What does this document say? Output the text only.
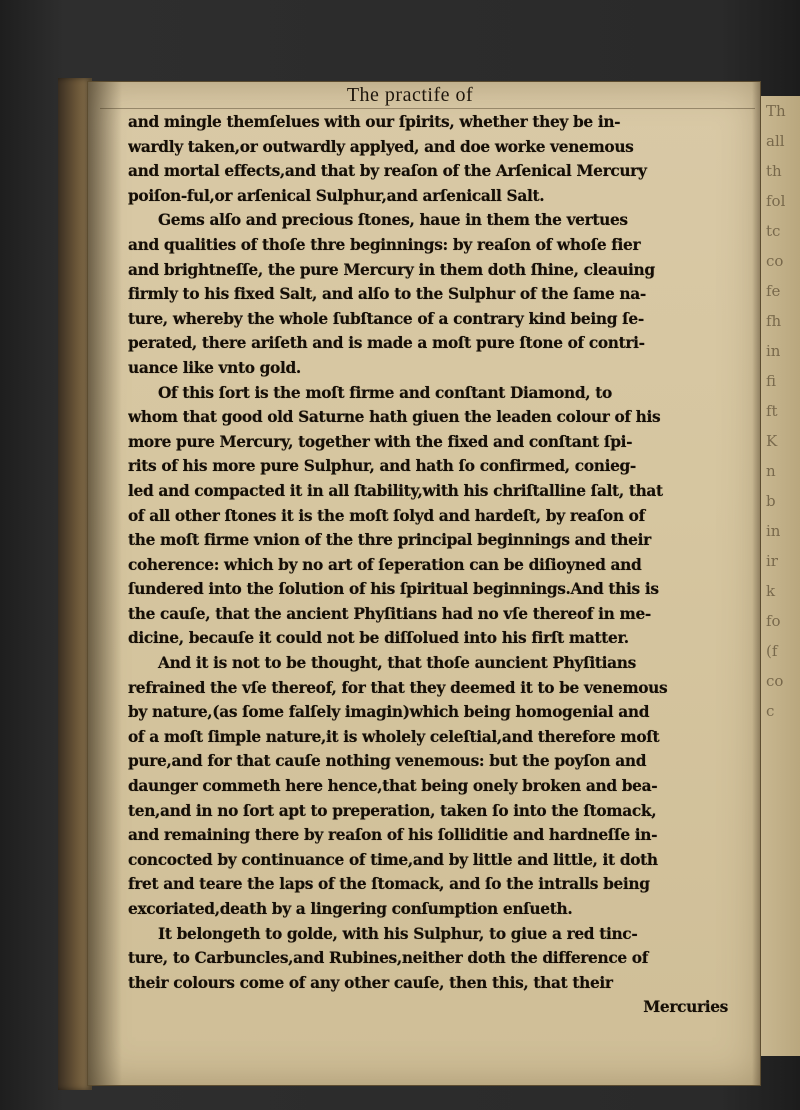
Th
all
th
fol
tc
co
fe
fh
in
fi
ft
K
n
b
in
ir
k
fo
(f
co
c
The practife of
and mingle themſelues with our ſpirits, whether they be in-
wardly taken,or outwardly applyed, and doe worke venemous
and mortal effects,and that by reaſon of the Arſenical Mercury
poiſon-ful,or arſenical Sulphur,and arſenicall Salt.
Gems alſo and precious ſtones, haue in them the vertues
and qualities of thoſe thre beginnings: by reaſon of whoſe fier
and brightneſſe, the pure Mercury in them doth ſhine, cleauing
firmly to his fixed Salt, and alſo to the Sulphur of the ſame na-
ture, whereby the whole ſubſtance of a contrary kind being ſe-
perated, there ariſeth and is made a moſt pure ſtone of contri-
uance like vnto gold.
Of this ſort is the moſt firme and conſtant Diamond, to
whom that good old Saturne hath giuen the leaden colour of his
more pure Mercury, together with the fixed and conſtant ſpi-
rits of his more pure Sulphur, and hath ſo confirmed, conieg-
led and compacted it in all ſtability,with his chriſtalline ſalt, that
of all other ſtones it is the moſt ſolyd and hardeſt, by reaſon of
the moſt firme vnion of the thre principal beginnings and their
coherence: which by no art of ſeperation can be diſioyned and
ſundered into the ſolution of his ſpiritual beginnings.And this is
the cauſe, that the ancient Phyſitians had no vſe thereof in me-
dicine, becauſe it could not be diſſolued into his firſt matter.
And it is not to be thought, that thoſe auncient Phyſitians
refrained the vſe thereof, for that they deemed it to be venemous
by nature,(as ſome falſely imagin)which being homogenial and
of a moſt ſimple nature,it is wholely celeſtial,and therefore moſt
pure,and for that cauſe nothing venemous: but the poyſon and
daunger commeth here hence,that being onely broken and bea-
ten,and in no ſort apt to preperation, taken ſo into the ſtomack,
and remaining there by reaſon of his ſolliditie and hardneſſe in-
concocted by continuance of time,and by little and little, it doth
fret and teare the laps of the ſtomack, and ſo the intralls being
excoriated,death by a lingering conſumption enſueth.
It belongeth to golde, with his Sulphur, to giue a red tinc-
ture, to Carbuncles,and Rubines,neither doth the difference of
their colours come of any other cauſe, then this, that their
Mercuries
